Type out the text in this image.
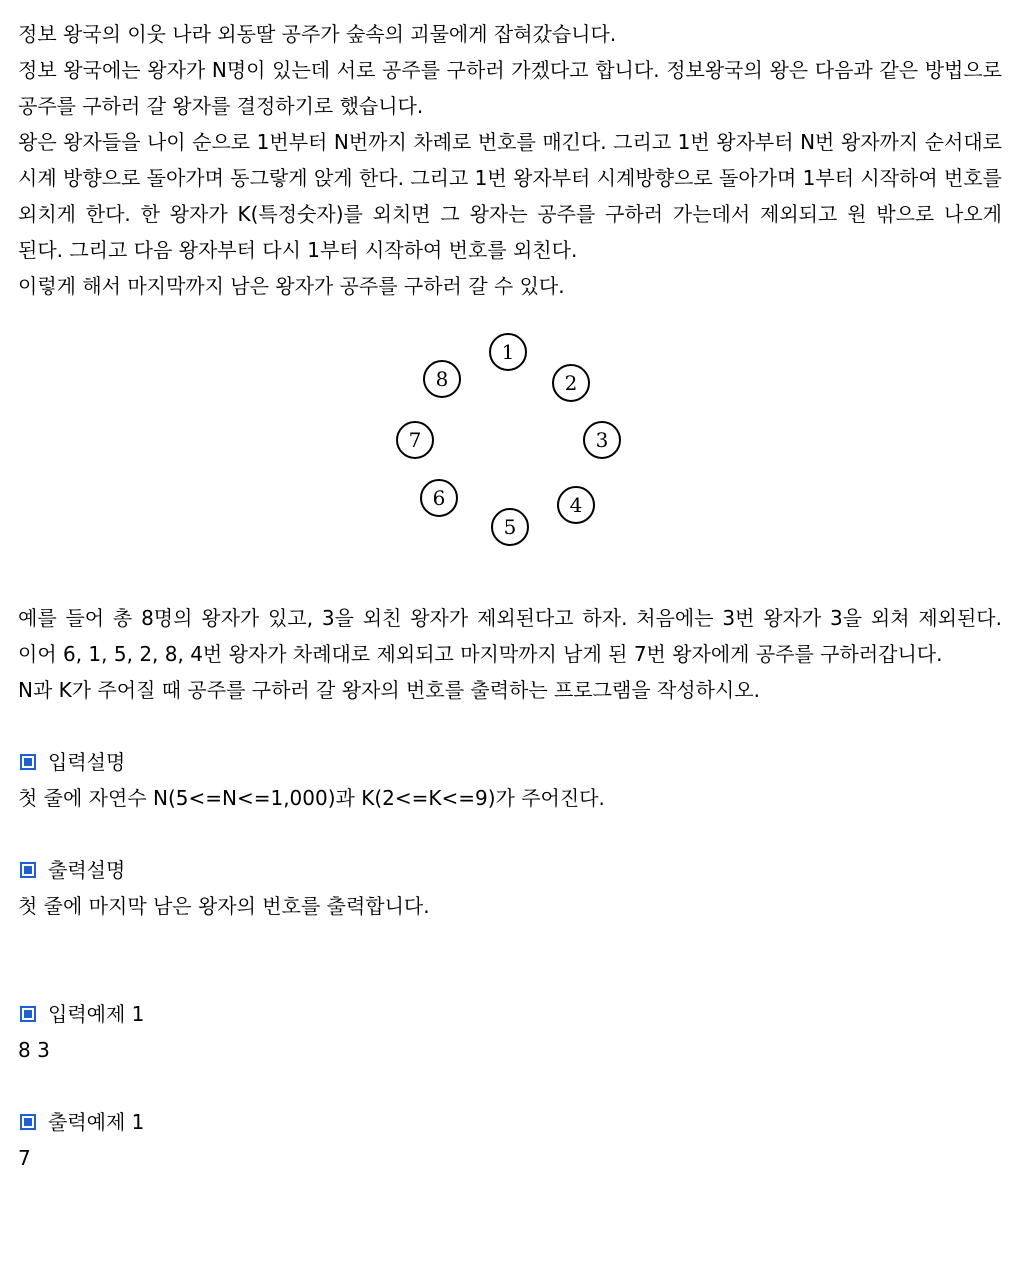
정보 왕국의 이웃 나라 외동딸 공주가 숲속의 괴물에게 잡혀갔습니다.

정보 왕국에는 왕자가 N명이 있는데 서로 공주를 구하러 가겠다고 합니다. 정보왕국의 왕은 다음과 같은 방법으로 공주를 구하러 갈 왕자를 결정하기로 했습니다.

왕은 왕자들을 나이 순으로 1번부터 N번까지 차례로 번호를 매긴다. 그리고 1번 왕자부터 N번 왕자까지 순서대로 시계 방향으로 돌아가며 동그랗게 앉게 한다. 그리고 1번 왕자부터 시계방향으로 돌아가며 1부터 시작하여 번호를 외치게 한다. 한 왕자가 K(특정숫자)를 외치면 그 왕자는 공주를 구하러 가는데서 제외되고 원 밖으로 나오게 된다. 그리고 다음 왕자부터 다시 1부터 시작하여 번호를 외친다.

이렇게 해서 마지막까지 남은 왕자가 공주를 구하러 갈 수 있다.

1
2
3
4
5
6
7
8

예를 들어 총 8명의 왕자가 있고, 3을 외친 왕자가 제외된다고 하자. 처음에는 3번 왕자가 3을 외쳐 제외된다. 이어 6, 1, 5, 2, 8, 4번 왕자가 차례대로 제외되고 마지막까지 남게 된 7번 왕자에게 공주를 구하러갑니다.

N과 K가 주어질 때 공주를 구하러 갈 왕자의 번호를 출력하는 프로그램을 작성하시오.

입력설명

첫 줄에 자연수 N(5<=N<=1,000)과 K(2<=K<=9)가 주어진다.

출력설명

첫 줄에 마지막 남은 왕자의 번호를 출력합니다.

입력예제 1

8 3

출력예제 1

7
